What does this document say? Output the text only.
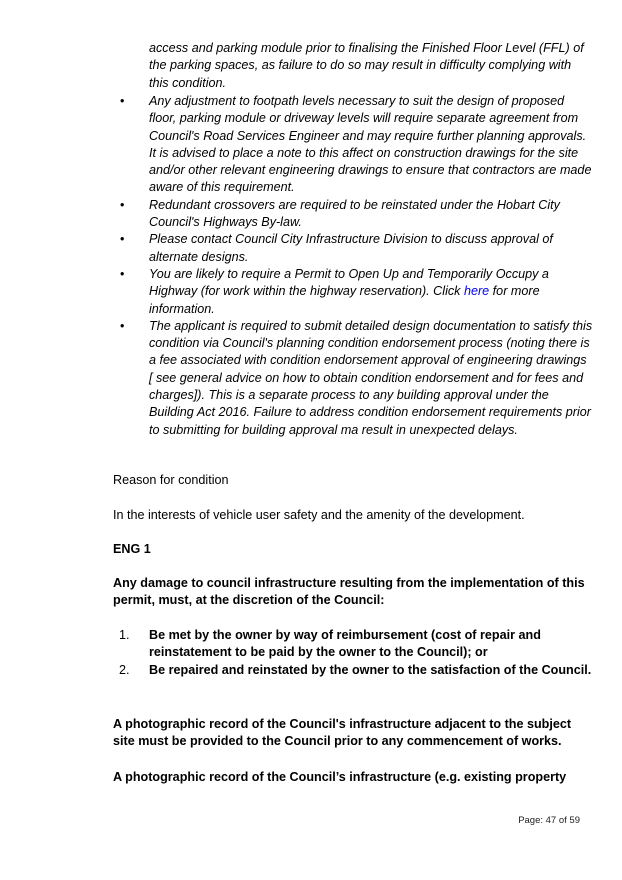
access and parking module prior to finalising the Finished Floor Level (FFL) of the parking spaces, as failure to do so may result in difficulty complying with this condition.
• Any adjustment to footpath levels necessary to suit the design of proposed floor, parking module or driveway levels will require separate agreement from Council's Road Services Engineer and may require further planning approvals. It is advised to place a note to this affect on construction drawings for the site and/or other relevant engineering drawings to ensure that contractors are made aware of this requirement.
• Redundant crossovers are required to be reinstated under the Hobart City Council's Highways By-law.
• Please contact Council City Infrastructure Division to discuss approval of alternate designs.
• You are likely to require a Permit to Open Up and Temporarily Occupy a Highway (for work within the highway reservation). Click here for more information.
• The applicant is required to submit detailed design documentation to satisfy this condition via Council's planning condition endorsement process (noting there is a fee associated with condition endorsement approval of engineering drawings [ see general advice on how to obtain condition endorsement and for fees and charges]). This is a separate process to any building approval under the Building Act 2016. Failure to address condition endorsement requirements prior to submitting for building approval ma result in unexpected delays.
Reason for condition
In the interests of vehicle user safety and the amenity of the development.
ENG 1
Any damage to council infrastructure resulting from the implementation of this permit, must, at the discretion of the Council:
1. Be met by the owner by way of reimbursement (cost of repair and reinstatement to be paid by the owner to the Council); or
2. Be repaired and reinstated by the owner to the satisfaction of the Council.
A photographic record of the Council's infrastructure adjacent to the subject site must be provided to the Council prior to any commencement of works.
A photographic record of the Council’s infrastructure (e.g. existing property
Page: 47 of 59
